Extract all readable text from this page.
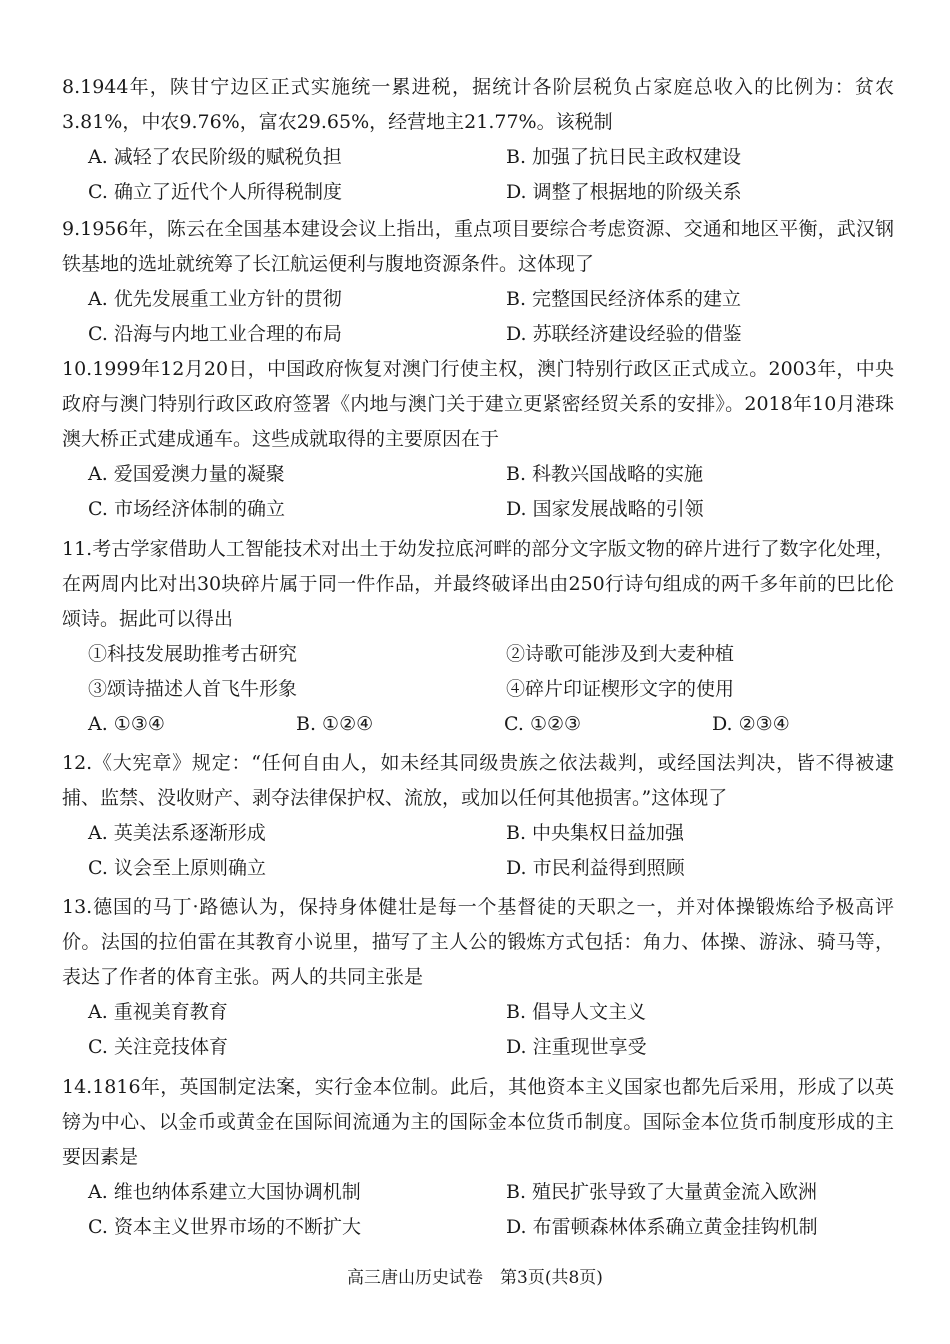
8.1944年，陕甘宁边区正式实施统一累进税，据统计各阶层税负占家庭总收入的比例为：贫农3.81%，中农9.76%，富农29.65%，经营地主21.77%。该税制
A. 减轻了农民阶级的赋税负担	B. 加强了抗日民主政权建设
C. 确立了近代个人所得税制度	D. 调整了根据地的阶级关系
9.1956年，陈云在全国基本建设会议上指出，重点项目要综合考虑资源、交通和地区平衡，武汉钢铁基地的选址就统筹了长江航运便利与腹地资源条件。这体现了
A. 优先发展重工业方针的贯彻	B. 完整国民经济体系的建立
C. 沿海与内地工业合理的布局	D. 苏联经济建设经验的借鉴
10.1999年12月20日，中国政府恢复对澳门行使主权，澳门特别行政区正式成立。2003年，中央政府与澳门特别行政区政府签署《内地与澳门关于建立更紧密经贸关系的安排》。2018年10月港珠澳大桥正式建成通车。这些成就取得的主要原因在于
A. 爱国爱澳力量的凝聚	B. 科教兴国战略的实施
C. 市场经济体制的确立	D. 国家发展战略的引领
11.考古学家借助人工智能技术对出土于幼发拉底河畔的部分文字版文物的碎片进行了数字化处理，在两周内比对出30块碎片属于同一件作品，并最终破译出由250行诗句组成的两千多年前的巴比伦颂诗。据此可以得出
①科技发展助推考古研究	②诗歌可能涉及到大麦种植
③颂诗描述人首飞牛形象	④碎片印证楔形文字的使用
A. ①③④	B. ①②④	C. ①②③	D. ②③④
12.《大宪章》规定：“任何自由人，如未经其同级贵族之依法裁判，或经国法判决，皆不得被逮捕、监禁、没收财产、剥夺法律保护权、流放，或加以任何其他损害。”这体现了
A. 英美法系逐渐形成	B. 中央集权日益加强
C. 议会至上原则确立	D. 市民利益得到照顾
13.德国的马丁·路德认为，保持身体健壮是每一个基督徒的天职之一，并对体操锻炼给予极高评价。法国的拉伯雷在其教育小说里，描写了主人公的锻炼方式包括：角力、体操、游泳、骑马等，表达了作者的体育主张。两人的共同主张是
A. 重视美育教育	B. 倡导人文主义
C. 关注竞技体育	D. 注重现世享受
14.1816年，英国制定法案，实行金本位制。此后，其他资本主义国家也都先后采用，形成了以英镑为中心、以金币或黄金在国际间流通为主的国际金本位货币制度。国际金本位货币制度形成的主要因素是
A. 维也纳体系建立大国协调机制	B. 殖民扩张导致了大量黄金流入欧洲
C. 资本主义世界市场的不断扩大	D. 布雷顿森林体系确立黄金挂钩机制
高三唐山历史试卷　第3页(共8页)
